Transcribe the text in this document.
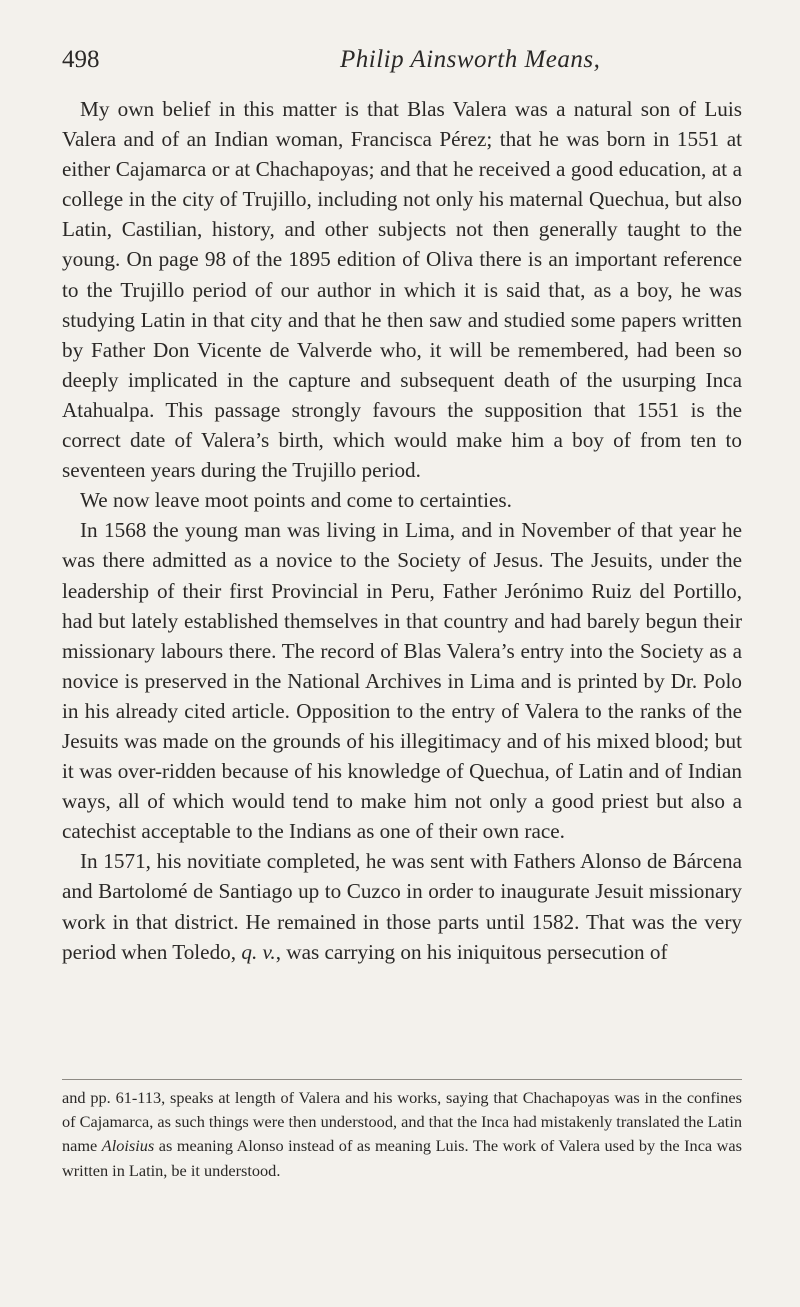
498	Philip Ainsworth Means,

My own belief in this matter is that Blas Valera was a natural son of Luis Valera and of an Indian woman, Francisca Pérez; that he was born in 1551 at either Cajamarca or at Chachapoyas; and that he received a good education, at a college in the city of Trujillo, including not only his maternal Quechua, but also Latin, Castilian, history, and other subjects not then generally taught to the young. On page 98 of the 1895 edition of Oliva there is an important reference to the Trujillo period of our author in which it is said that, as a boy, he was studying Latin in that city and that he then saw and studied some papers written by Father Don Vicente de Valverde who, it will be remembered, had been so deeply implicated in the capture and subsequent death of the usurping Inca Atahualpa. This passage strongly favours the supposition that 1551 is the correct date of Valera’s birth, which would make him a boy of from ten to seventeen years during the Trujillo period.

We now leave moot points and come to certainties.

In 1568 the young man was living in Lima, and in November of that year he was there admitted as a novice to the Society of Jesus. The Jesuits, under the leadership of their first Provincial in Peru, Father Jerónimo Ruiz del Portillo, had but lately established themselves in that country and had barely begun their missionary labours there. The record of Blas Valera’s entry into the Society as a novice is preserved in the National Archives in Lima and is printed by Dr. Polo in his already cited article. Opposition to the entry of Valera to the ranks of the Jesuits was made on the grounds of his illegitimacy and of his mixed blood; but it was over-ridden because of his knowledge of Quechua, of Latin and of Indian ways, all of which would tend to make him not only a good priest but also a catechist acceptable to the Indians as one of their own race.

In 1571, his novitiate completed, he was sent with Fathers Alonso de Bárcena and Bartolomé de Santiago up to Cuzco in order to inaugurate Jesuit missionary work in that district. He remained in those parts until 1582. That was the very period when Toledo, q. v., was carrying on his iniquitous persecution of

and pp. 61-113, speaks at length of Valera and his works, saying that Chachapoyas was in the confines of Cajamarca, as such things were then understood, and that the Inca had mistakenly translated the Latin name Aloisius as meaning Alonso instead of as meaning Luis. The work of Valera used by the Inca was written in Latin, be it understood.
